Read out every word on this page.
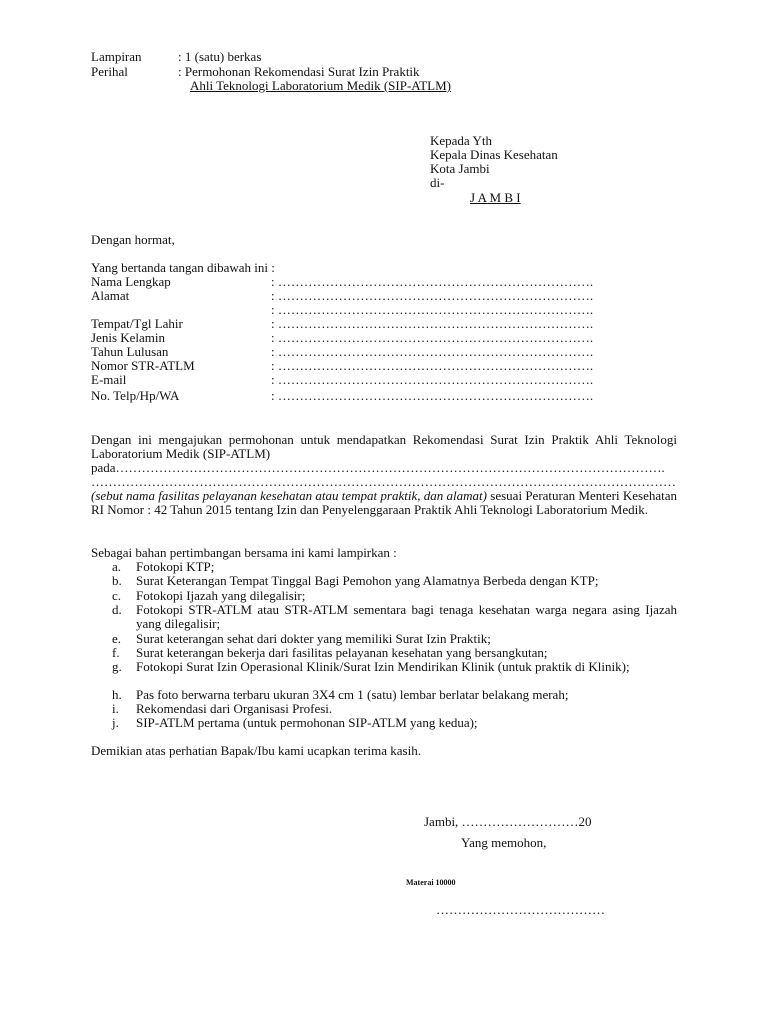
Lampiran	: 1 (satu) berkas
Perihal	: Permohonan Rekomendasi Surat Izin Praktik
Ahli Teknologi Laboratorium Medik (SIP-ATLM)
Kepada Yth
Kepala Dinas Kesehatan
Kota Jambi
di-
J A M B I
Dengan hormat,
Yang bertanda tangan dibawah ini :
Nama Lengkap	: ……………………………………………………………….
Alamat	: ……………………………………………………………….
: ……………………………………………………………….
Tempat/Tgl Lahir	: ……………………………………………………………….
Jenis Kelamin	: ……………………………………………………………….
Tahun Lulusan	: ……………………………………………………………….
Nomor STR-ATLM	: ……………………………………………………………….
E-mail	: ……………………………………………………………….
No. Telp/Hp/WA	: ……………………………………………………………….
Dengan ini mengajukan permohonan untuk mendapatkan Rekomendasi Surat Izin Praktik Ahli Teknologi Laboratorium Medik (SIP-ATLM)
pada……………………………………………………………………………………………………………….
………………………………………………………………………………………………………………………
(sebut nama fasilitas pelayanan kesehatan atau tempat praktik, dan alamat) sesuai Peraturan Menteri Kesehatan RI Nomor : 42 Tahun 2015 tentang Izin dan Penyelenggaraan Praktik Ahli Teknologi Laboratorium Medik.
Sebagai bahan pertimbangan bersama ini kami lampirkan :
a. Fotokopi KTP;
b. Surat Keterangan Tempat Tinggal Bagi Pemohon yang Alamatnya Berbeda dengan KTP;
c. Fotokopi Ijazah yang dilegalisir;
d. Fotokopi STR-ATLM atau STR-ATLM sementara bagi tenaga kesehatan warga negara asing Ijazah yang dilegalisir;
e. Surat keterangan sehat dari dokter yang memiliki Surat Izin Praktik;
f. Surat keterangan bekerja dari fasilitas pelayanan kesehatan yang bersangkutan;
g. Fotokopi Surat Izin Operasional Klinik/Surat Izin Mendirikan Klinik (untuk praktik di Klinik);
h. Pas foto berwarna terbaru ukuran 3X4 cm 1 (satu) lembar berlatar belakang merah;
i. Rekomendasi dari Organisasi Profesi.
j. SIP-ATLM pertama (untuk permohonan SIP-ATLM yang kedua);
Demikian atas perhatian Bapak/Ibu kami ucapkan terima kasih.
Jambi, ………………………20
Yang memohon,
Materai 10000
…………………………………
